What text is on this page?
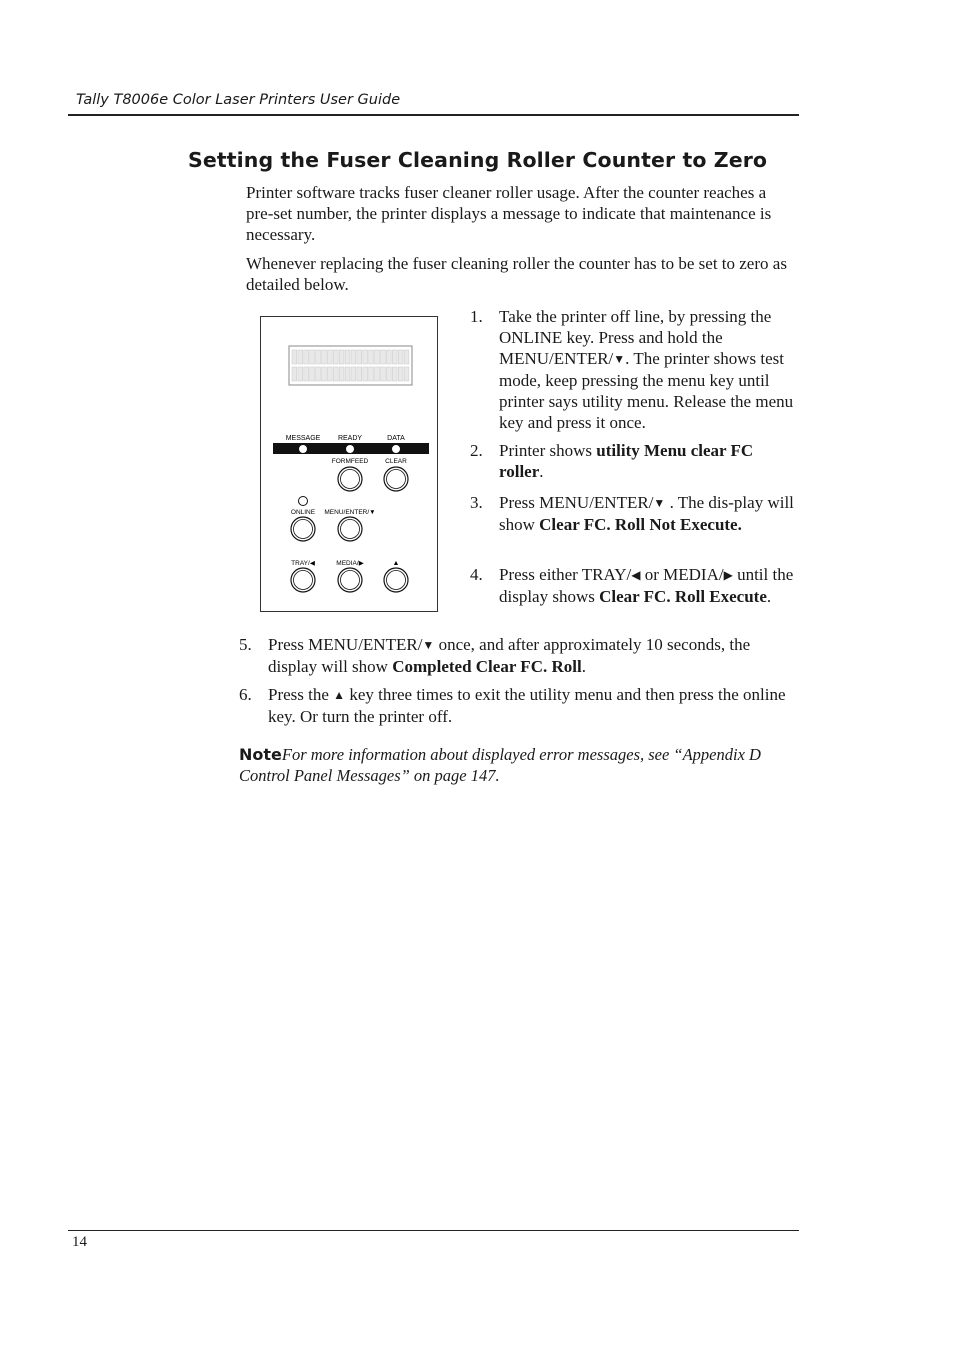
Tally T8006e Color Laser Printers User Guide
Setting the Fuser Cleaning Roller Counter to Zero

Printer software tracks fuser cleaner roller usage. After the counter reaches a pre-set number, the printer displays a message to indicate that maintenance is necessary.

Whenever replacing the fuser cleaning roller the counter has to be set to zero as detailed below.

MESSAGE	READY	DATA
FORMFEED	CLEAR
ONLINE MENU/ENTER/▼
TRAY/◀	MEDIA/▶	▲
1. Take the printer off line, by pressing the ONLINE key. Press and hold the MENU/ENTER/▼. The printer shows test mode, keep pressing the menu key until printer says utility menu. Release the menu key and press it once.
2. Printer shows utility Menu clear FC roller.
3. Press MENU/ENTER/▼ . The dis-play will show Clear FC. Roll Not Execute.
4. Press either TRAY/◀ or MEDIA/▶ until the display shows Clear FC. Roll Execute.
5. Press MENU/ENTER/▼ once, and after approximately 10 seconds, the display will show Completed Clear FC. Roll.
6. Press the ▲ key three times to exit the utility menu and then press the online key. Or turn the printer off.
NoteFor more information about displayed error messages, see “Appendix D Control Panel Messages” on page 147.
14
